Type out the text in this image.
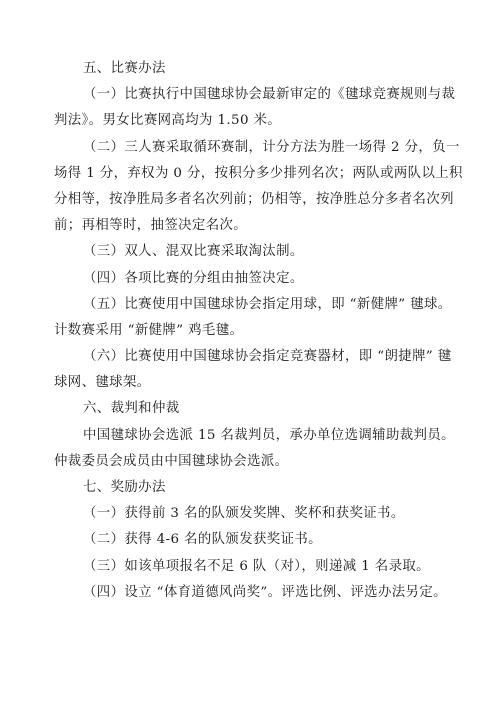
五、比赛办法
（一）比赛执行中国毽球协会最新审定的《毽球竞赛规则与裁
判法》。男女比赛网高均为 1.50 米。
（二）三人赛采取循环赛制，计分方法为胜一场得 2 分，负一
场得 1 分，弃权为 0 分，按积分多少排列名次；两队或两队以上积
分相等，按净胜局多者名次列前；仍相等，按净胜总分多者名次列
前；再相等时，抽签决定名次。
（三）双人、混双比赛采取淘汰制。
（四）各项比赛的分组由抽签决定。
（五）比赛使用中国毽球协会指定用球，即 “新健牌” 毽球。
计数赛采用 “新健牌” 鸡毛毽。
（六）比赛使用中国毽球协会指定竞赛器材，即 “朗捷牌” 毽
球网、毽球架。
六、裁判和仲裁
中国毽球协会选派 15 名裁判员，承办单位选调辅助裁判员。
仲裁委员会成员由中国毽球协会选派。
七、奖励办法
（一）获得前 3 名的队颁发奖牌、奖杯和获奖证书。
（二）获得 4-6 名的队颁发获奖证书。
（三）如该单项报名不足 6 队（对），则递减 1 名录取。
（四）设立 “体育道德风尚奖”。评选比例、评选办法另定。
